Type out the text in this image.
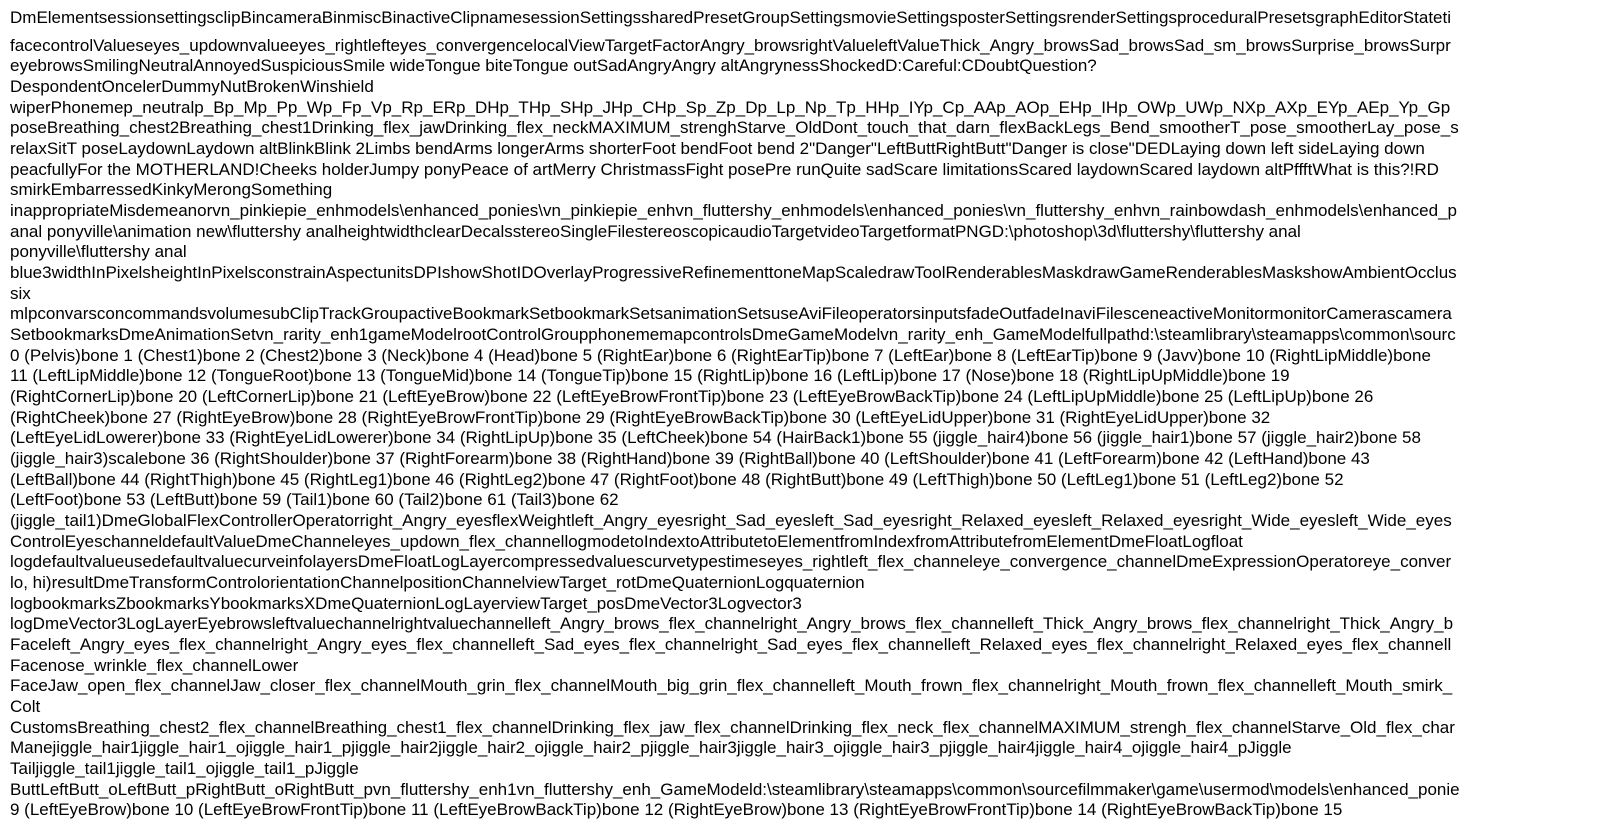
DmElementsessionsettingsclipBincameraBinmiscBinactiveClipnamesessionSettingssharedPresetGroupSettingsmovieSettingsposterSettingsrenderSettingsproceduralPresetsgraphEditorStateti
facecontrolValueseyes_updownvalueeyes_rightlefteyes_convergencelocalViewTargetFactorAngry_browsrightValueleftValueThick_Angry_browsSad_browsSad_sm_browsSurprise_browsSurpr
eyebrowsSmilingNeutralAnnoyedSuspiciousSmile wideTongue biteTongue outSadAngryAngry altAngrynessShockedD:Careful:CDoubtQuestion?
DespondentOncelerDummyNutBrokenWinshield
wiperPhonemep_neutralp_Bp_Mp_Pp_Wp_Fp_Vp_Rp_ERp_DHp_THp_SHp_JHp_CHp_Sp_Zp_Dp_Lp_Np_Tp_HHp_IYp_Cp_AAp_AOp_EHp_IHp_OWp_UWp_NXp_AXp_EYp_AEp_Yp_Gp
poseBreathing_chest2Breathing_chest1Drinking_flex_jawDrinking_flex_neckMAXIMUM_strenghStarve_OldDont_touch_that_darn_flexBackLegs_Bend_smootherT_pose_smootherLay_pose_s
relaxSitT poseLaydownLaydown altBlinkBlink 2Limbs bendArms longerArms shorterFoot bendFoot bend 2"Danger"LeftButtRightButt"Danger is close"DEDLaying down left sideLaying down
peacfullyFor the MOTHERLAND!Cheeks holderJumpy ponyPeace of artMerry ChristmassFight posePre runQuite sadScare limitationsScared laydownScared laydown altPffftWhat is this?!RD
smirkEmbarressedKinkyMerongSomething
inappropriateMisdemeanorvn_pinkiepie_enhmodels\enhanced_ponies\vn_pinkiepie_enhvn_fluttershy_enhmodels\enhanced_ponies\vn_fluttershy_enhvn_rainbowdash_enhmodels\enhanced_p
anal ponyville\animation new\fluttershy analheightwidthclearDecalsstereoSingleFilestereoscopicaudioTargetvideoTargetformatPNGD:\photoshop\3d\fluttershy\fluttershy anal
ponyville\fluttershy anal
blue3widthInPixelsheightInPixelsconstrainAspectunitsDPIshowShotIDOverlayProgressiveRefinementtoneMapScaledrawToolRenderablesMaskdrawGameRenderablesMaskshowAmbientOcclus
six
mlpconvarsconcommandsvolumesubClipTrackGroupactiveBookmarkSetbookmarkSetsanimationSetsuseAviFileoperatorsinputsfadeOutfadeInaviFilesceneactiveMonitormonitorCamerascamera
SetbookmarksDmeAnimationSetvn_rarity_enh1gameModelrootControlGroupphonememapcontrolsDmeGameModelvn_rarity_enh_GameModelfullpathd:\steamlibrary\steamapps\common\sourc
0 (Pelvis)bone 1 (Chest1)bone 2 (Chest2)bone 3 (Neck)bone 4 (Head)bone 5 (RightEar)bone 6 (RightEarTip)bone 7 (LeftEar)bone 8 (LeftEarTip)bone 9 (Javv)bone 10 (RightLipMiddle)bone
11 (LeftLipMiddle)bone 12 (TongueRoot)bone 13 (TongueMid)bone 14 (TongueTip)bone 15 (RightLip)bone 16 (LeftLip)bone 17 (Nose)bone 18 (RightLipUpMiddle)bone 19
(RightCornerLip)bone 20 (LeftCornerLip)bone 21 (LeftEyeBrow)bone 22 (LeftEyeBrowFrontTip)bone 23 (LeftEyeBrowBackTip)bone 24 (LeftLipUpMiddle)bone 25 (LeftLipUp)bone 26
(RightCheek)bone 27 (RightEyeBrow)bone 28 (RightEyeBrowFrontTip)bone 29 (RightEyeBrowBackTip)bone 30 (LeftEyeLidUpper)bone 31 (RightEyeLidUpper)bone 32
(LeftEyeLidLowerer)bone 33 (RightEyeLidLowerer)bone 34 (RightLipUp)bone 35 (LeftCheek)bone 54 (HairBack1)bone 55 (jiggle_hair4)bone 56 (jiggle_hair1)bone 57 (jiggle_hair2)bone 58
(jiggle_hair3)scalebone 36 (RightShoulder)bone 37 (RightForearm)bone 38 (RightHand)bone 39 (RightBall)bone 40 (LeftShoulder)bone 41 (LeftForearm)bone 42 (LeftHand)bone 43
(LeftBall)bone 44 (RightThigh)bone 45 (RightLeg1)bone 46 (RightLeg2)bone 47 (RightFoot)bone 48 (RightButt)bone 49 (LeftThigh)bone 50 (LeftLeg1)bone 51 (LeftLeg2)bone 52
(LeftFoot)bone 53 (LeftButt)bone 59 (Tail1)bone 60 (Tail2)bone 61 (Tail3)bone 62
(jiggle_tail1)DmeGlobalFlexControllerOperatorright_Angry_eyesflexWeightleft_Angry_eyesright_Sad_eyesleft_Sad_eyesright_Relaxed_eyesleft_Relaxed_eyesright_Wide_eyesleft_Wide_eyes
ControlEyeschanneldefaultValueDmeChanneleyes_updown_flex_channellogmodetoIndextoAttributetoElementfromIndexfromAttributefromElementDmeFloatLogfloat
logdefaultvalueusedefaultvaluecurveinfolayersDmeFloatLogLayercompressedvaluescurvetypestimeseyes_rightleft_flex_channeleye_convergence_channelDmeExpressionOperatoreye_conver
lo, hi)resultDmeTransformControlorientationChannelpositionChannelviewTarget_rotDmeQuaternionLogquaternion
logbookmarksZbookmarksYbookmarksXDmeQuaternionLogLayerviewTarget_posDmeVector3Logvector3
logDmeVector3LogLayerEyebrowsleftvaluechannelrightvaluechannelleft_Angry_brows_flex_channelright_Angry_brows_flex_channelleft_Thick_Angry_brows_flex_channelright_Thick_Angry_b
Faceleft_Angry_eyes_flex_channelright_Angry_eyes_flex_channelleft_Sad_eyes_flex_channelright_Sad_eyes_flex_channelleft_Relaxed_eyes_flex_channelright_Relaxed_eyes_flex_channell
Facenose_wrinkle_flex_channelLower
FaceJaw_open_flex_channelJaw_closer_flex_channelMouth_grin_flex_channelMouth_big_grin_flex_channelleft_Mouth_frown_flex_channelright_Mouth_frown_flex_channelleft_Mouth_smirk_
Colt
CustomsBreathing_chest2_flex_channelBreathing_chest1_flex_channelDrinking_flex_jaw_flex_channelDrinking_flex_neck_flex_channelMAXIMUM_strengh_flex_channelStarve_Old_flex_char
Manejiggle_hair1jiggle_hair1_ojiggle_hair1_pjiggle_hair2jiggle_hair2_ojiggle_hair2_pjiggle_hair3jiggle_hair3_ojiggle_hair3_pjiggle_hair4jiggle_hair4_ojiggle_hair4_pJiggle
Tailjiggle_tail1jiggle_tail1_ojiggle_tail1_pJiggle
ButtLeftButt_oLeftButt_pRightButt_oRightButt_pvn_fluttershy_enh1vn_fluttershy_enh_GameModeld:\steamlibrary\steamapps\common\sourcefilmmaker\game\usermod\models\enhanced_ponie
9 (LeftEyeBrow)bone 10 (LeftEyeBrowFrontTip)bone 11 (LeftEyeBrowBackTip)bone 12 (RightEyeBrow)bone 13 (RightEyeBrowFrontTip)bone 14 (RightEyeBrowBackTip)bone 15
